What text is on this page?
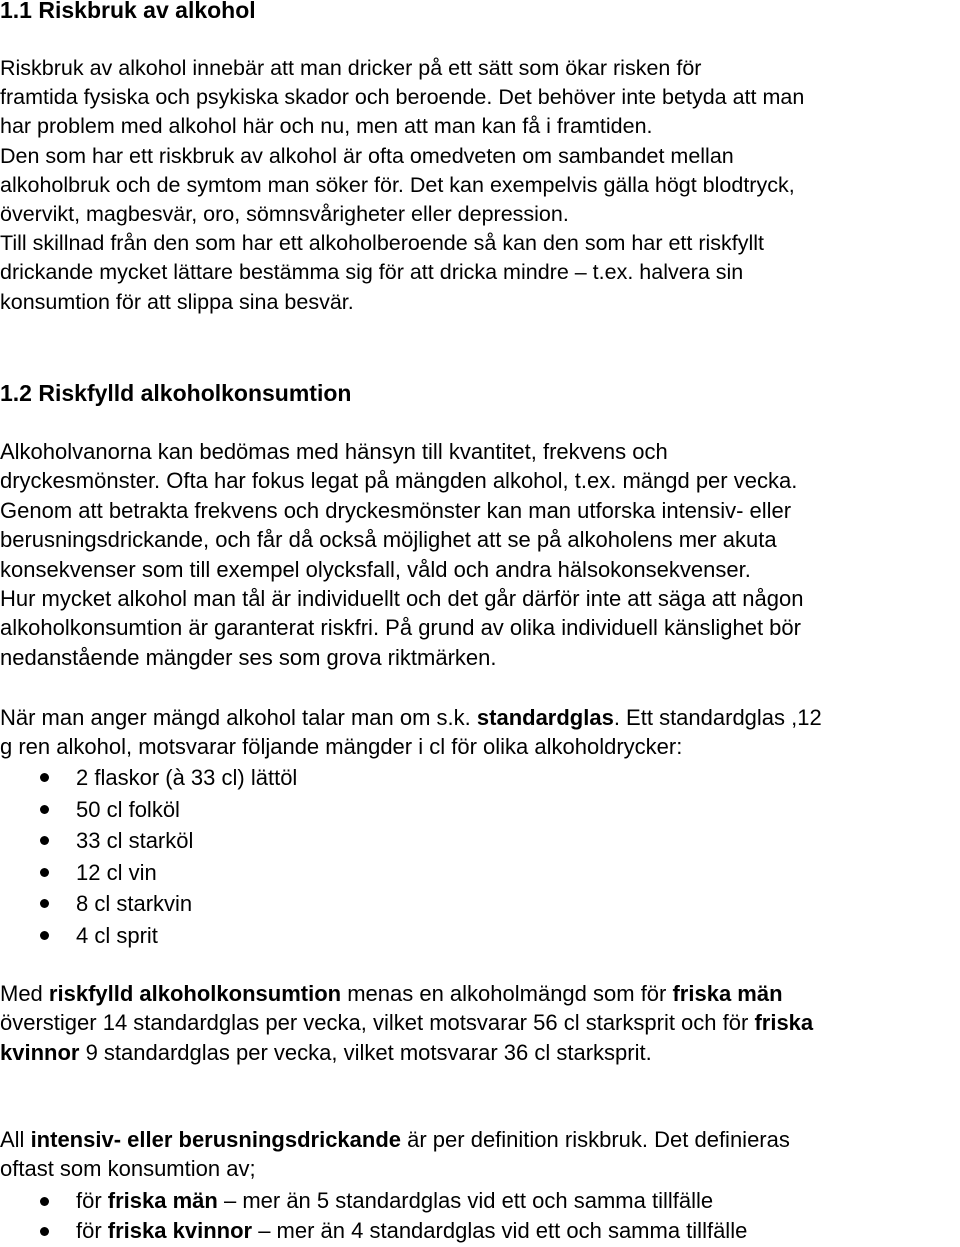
1.1 Riskbruk av alkohol
Riskbruk av alkohol innebär att man dricker på ett sätt som ökar risken för
framtida fysiska och psykiska skador och beroende. Det behöver inte betyda att man
har problem med alkohol här och nu, men att man kan få i framtiden.
Den som har ett riskbruk av alkohol är ofta omedveten om sambandet mellan
alkoholbruk och de symtom man söker för. Det kan exempelvis gälla högt blodtryck,
övervikt, magbesvär, oro, sömnsvårigheter eller depression.
Till skillnad från den som har ett alkoholberoende så kan den som har ett riskfyllt
drickande mycket lättare bestämma sig för att dricka mindre – t.ex. halvera sin
konsumtion för att slippa sina besvär.
1.2 Riskfylld alkoholkonsumtion
Alkoholvanorna kan bedömas med hänsyn till kvantitet, frekvens och
dryckesmönster. Ofta har fokus legat på mängden alkohol, t.ex. mängd per vecka.
Genom att betrakta frekvens och dryckesmönster kan man utforska intensiv- eller
berusningsdrickande, och får då också möjlighet att se på alkoholens mer akuta
konsekvenser som till exempel olycksfall, våld och andra hälsokonsekvenser.
Hur mycket alkohol man tål är individuellt och det går därför inte att säga att någon
alkoholkonsumtion är garanterat riskfri. På grund av olika individuell känslighet bör
nedanstående mängder ses som grova riktmärken.
När man anger mängd alkohol talar man om s.k. standardglas. Ett standardglas ,12
g ren alkohol, motsvarar följande mängder i cl för olika alkoholdrycker:
2 flaskor (à 33 cl) lättöl
50 cl folköl
33 cl starköl
12 cl vin
8 cl starkvin
4 cl sprit
Med riskfylld alkoholkonsumtion menas en alkoholmängd som för friska män
överstiger 14 standardglas per vecka, vilket motsvarar 56 cl starksprit och för friska
kvinnor 9 standardglas per vecka, vilket motsvarar 36 cl starksprit.
All intensiv- eller berusningsdrickande är per definition riskbruk. Det definieras
oftast som konsumtion av;
för friska män – mer än 5 standardglas vid ett och samma tillfälle
för friska kvinnor – mer än 4 standardglas vid ett och samma tillfälle
